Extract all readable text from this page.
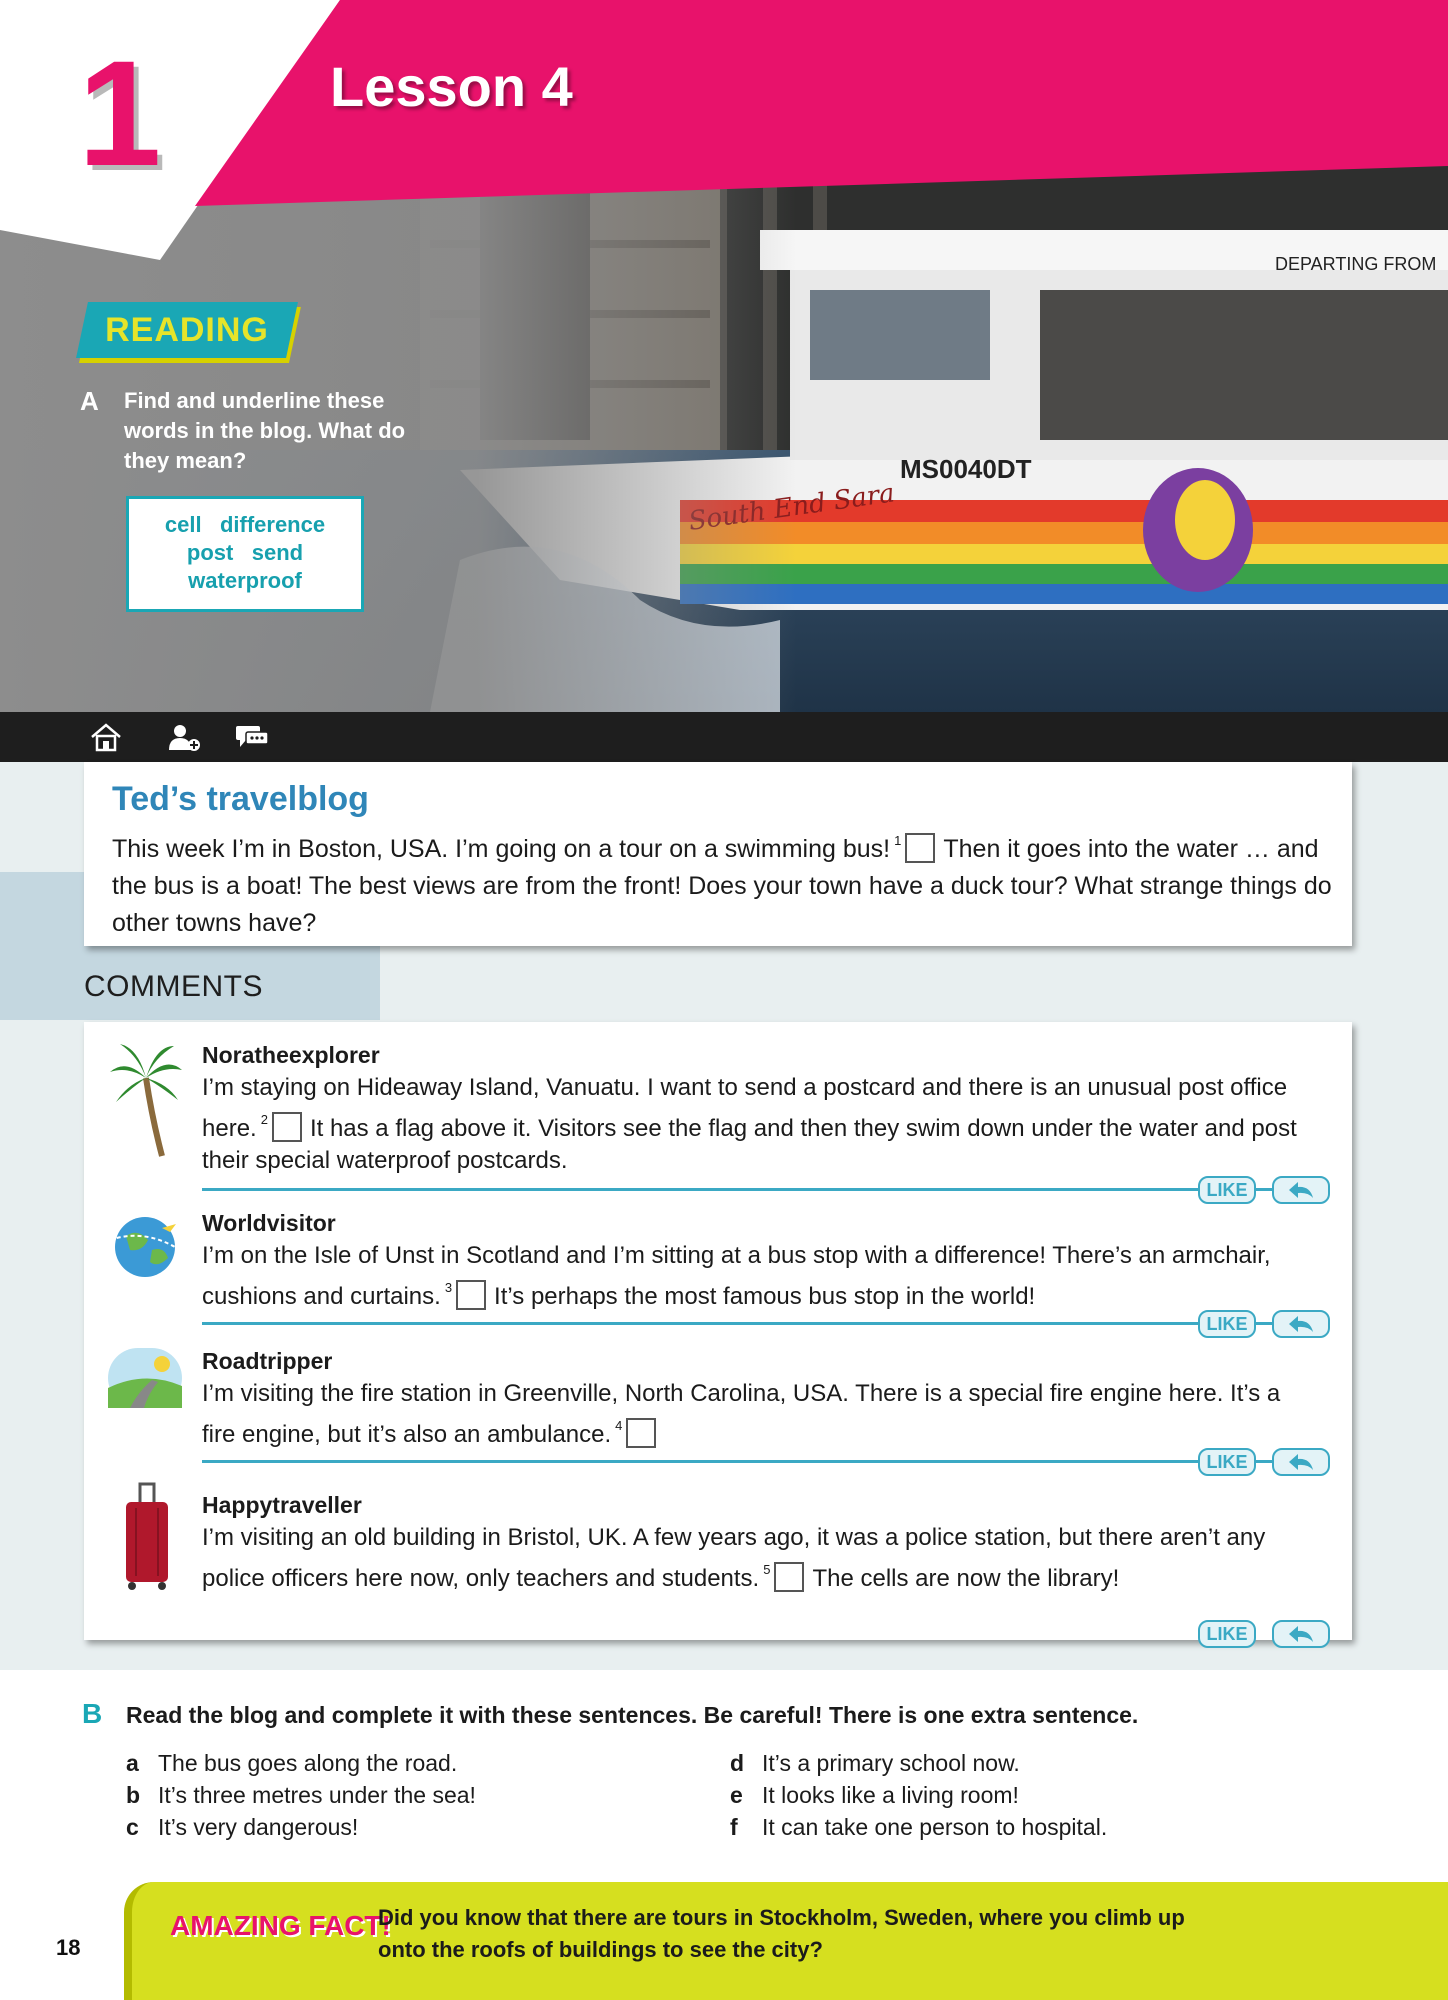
1	Lesson 4
READING
A Find and underline these words in the blog. What do they mean?
cell difference
post send
waterproof
Ted’s travelblog
This week I’m in Boston, USA. I’m going on a tour on a swimming bus! $^1$ Then it goes into the water … and the bus is a boat! The best views are from the front! Does your town have a duck tour? What strange things do other towns have?
COMMENTS
Noratheexplorer
I’m staying on Hideaway Island, Vanuatu. I want to send a postcard and there is an unusual post office here. $^2$ It has a flag above it. Visitors see the flag and then they swim down under the water and post their special waterproof postcards.
LIKE
Worldvisitor
I’m on the Isle of Unst in Scotland and I’m sitting at a bus stop with a difference! There’s an armchair, cushions and curtains. $^3$ It’s perhaps the most famous bus stop in the world!
LIKE
Roadtripper
I’m visiting the fire station in Greenville, North Carolina, USA. There is a special fire engine here. It’s a fire engine, but it’s also an ambulance. $^4$
LIKE
Happytraveller
I’m visiting an old building in Bristol, UK. A few years ago, it was a police station, but there aren’t any police officers here now, only teachers and students. $^5$ The cells are now the library!
LIKE
B Read the blog and complete it with these sentences. Be careful! There is one extra sentence.
a The bus goes along the road.
b It’s three metres under the sea!
c It’s very dangerous!
d It’s a primary school now.
e It looks like a living room!
f It can take one person to hospital.
AMAZING FACT!
Did you know that there are tours in Stockholm, Sweden, where you climb up onto the roofs of buildings to see the city?
18
